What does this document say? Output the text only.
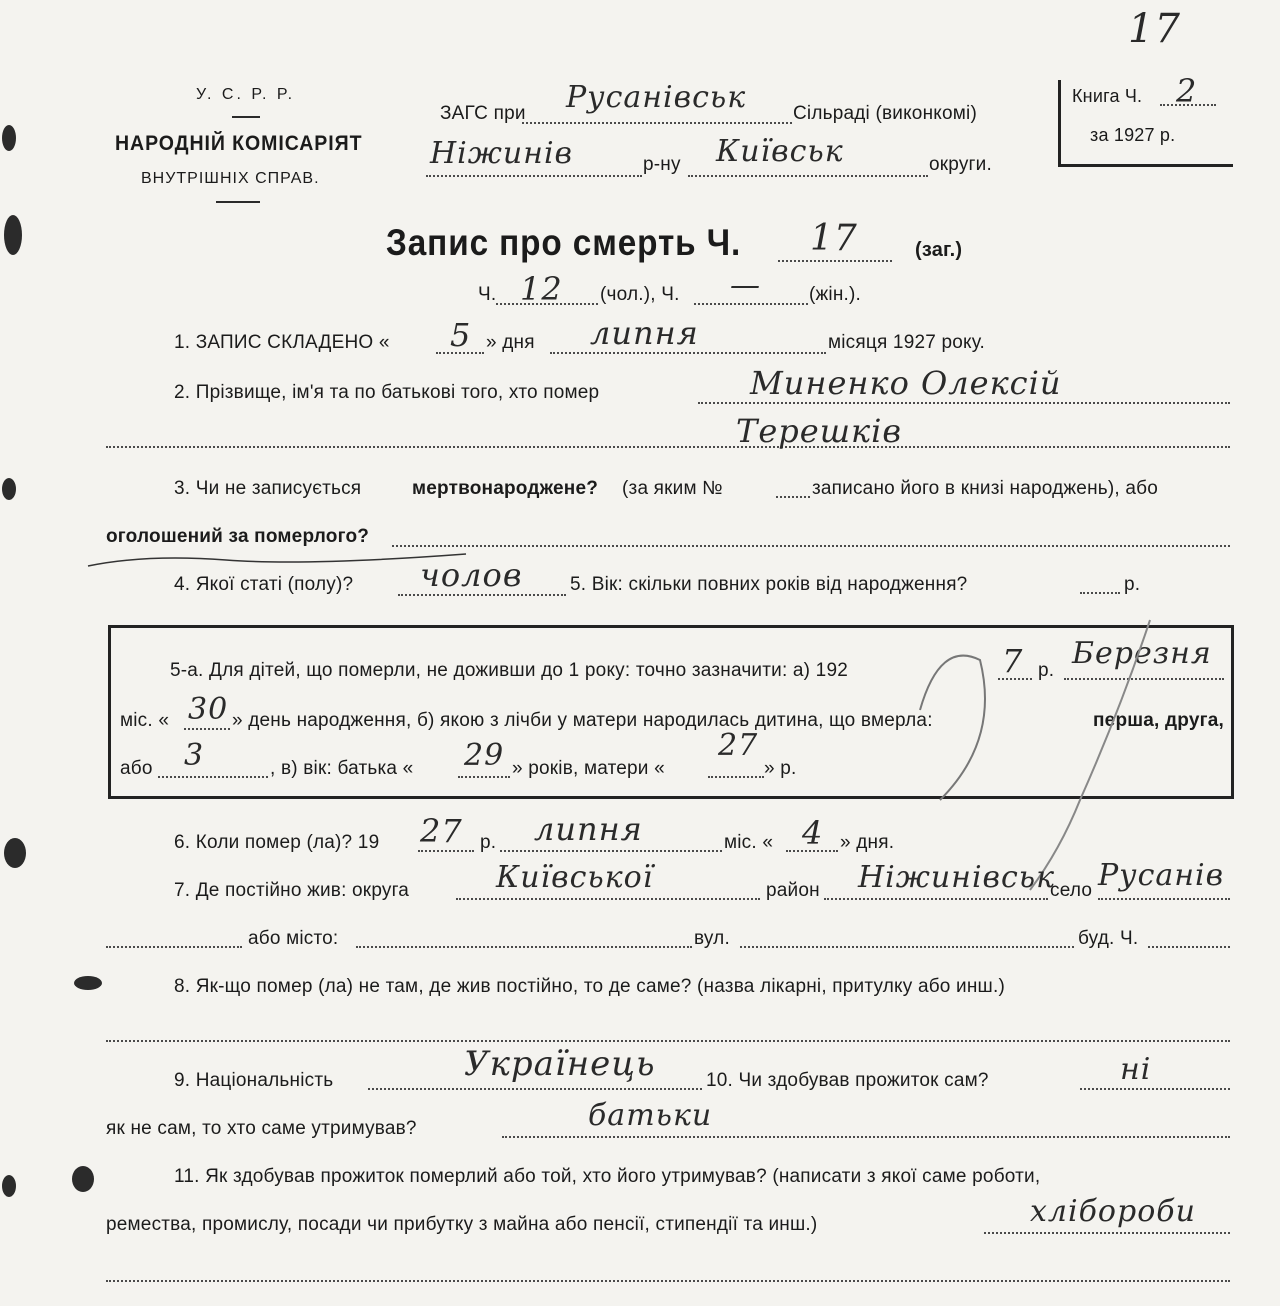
У. С. Р. Р.
НАРОДНІЙ КОМІСАРІЯТ
ВНУТРІШНІХ СПРАВ.
ЗАГС при Русанівськ Сільраді (виконкомі)
Ніжинів	р-ну Київськ	округи.
17
Книга Ч. 2
за 1927 р.
Запис про смерть Ч. 17	(заг.)
Ч. 12 (чол.), Ч. —	(жін.).
1. ЗАПИС СКЛАДЕНО « 5 » дня липня	місяця 1927 року.
2. Прізвище, ім'я та по батькові того, хто помер	Миненко Олексій
Терешків
3. Чи не записується	мертвонароджене? (за яким №	записано його в книзі народжень), або
оголошений за померлого?
4. Якої статі (полу)? чолов	5. Вік: скільки повних років від народження?	р.
5-а. Для дітей, що померли, не доживши до 1 року: точно зазначити: а) 192	7 р. Березня
міс. « 30 » день народження, б) якою з лічби у матери народилась дитина, що вмерла:	перша, друга,
або 3	, в) вік: батька « 29 » років, матери «
27
» р.
6. Коли помер (ла)? 19 27 р. липня	міс. « 4 » дня.
7. Де постійно жив: округа	Київської	район Ніжинівськ
село Русанів
або місто:	вул.	буд. Ч.
8. Як-що помер (ла) не там, де жив постійно, то де саме? (назва лікарні, притулку або инш.)
9. Національність	Українець	10. Чи здобував прожиток сам?	ні
як не сам, то хто саме утримував?	батьки
11. Як здобував прожиток померлий або той, хто його утримував? (написати з якої саме роботи,
ремества, промислу, посади чи прибутку з майна або пенсії, стипендії та инш.)	хлібороби
